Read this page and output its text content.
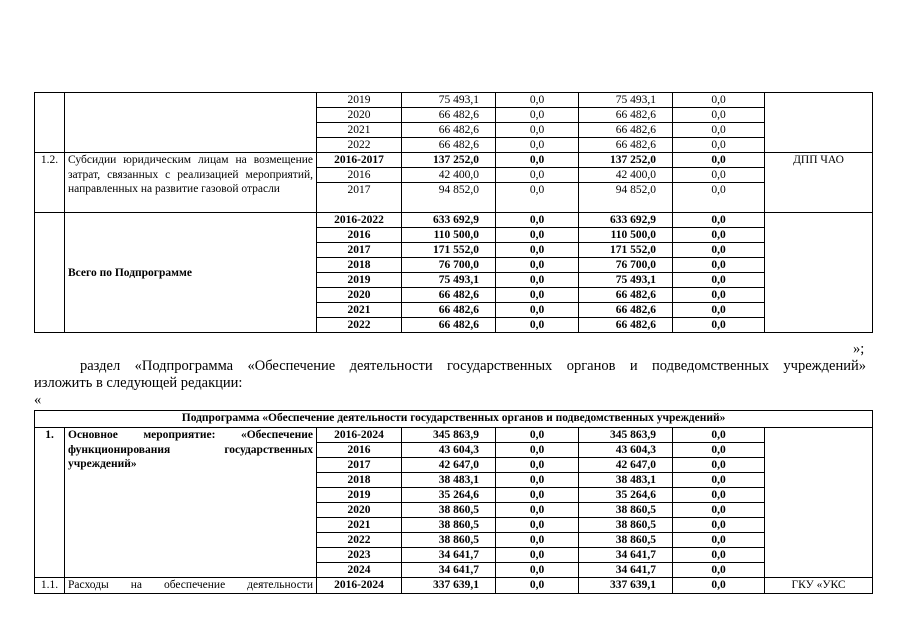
		2019	75 493,1	0,0	75 493,1	0,0	
		2020	66 482,6	0,0	66 482,6	0,0	
		2021	66 482,6	0,0	66 482,6	0,0	
		2022	66 482,6	0,0	66 482,6	0,0	
1.2.	Субсидии юридическим лицам на возмещение затрат, связанных с реализацией мероприятий, направленных на развитие газовой отрасли	2016-2017	137 252,0	0,0	137 252,0	0,0	ДПП ЧАО
		2016	42 400,0	0,0	42 400,0	0,0	
		2017	94 852,0	0,0	94 852,0	0,0	
	Всего по Подпрограмме	2016-2022	633 692,9	0,0	633 692,9	0,0	
		2016	110 500,0	0,0	110 500,0	0,0	
		2017	171 552,0	0,0	171 552,0	0,0	
		2018	76 700,0	0,0	76 700,0	0,0	
		2019	75 493,1	0,0	75 493,1	0,0	
		2020	66 482,6	0,0	66 482,6	0,0	
		2021	66 482,6	0,0	66 482,6	0,0	
		2022	66 482,6	0,0	66 482,6	0,0	
»;
раздел «Подпрограмма «Обеспечение деятельности государственных органов и подведомственных учреждений»
изложить в следующей редакции:
«
Подпрограмма «Обеспечение деятельности государственных органов и подведомственных учреждений»							
1.	Основное мероприятие: «Обеспечение функционирования государственных учреждений»	2016-2024	345 863,9	0,0	345 863,9	0,0	
		2016	43 604,3	0,0	43 604,3	0,0	
		2017	42 647,0	0,0	42 647,0	0,0	
		2018	38 483,1	0,0	38 483,1	0,0	
		2019	35 264,6	0,0	35 264,6	0,0	
		2020	38 860,5	0,0	38 860,5	0,0	
		2021	38 860,5	0,0	38 860,5	0,0	
		2022	38 860,5	0,0	38 860,5	0,0	
		2023	34 641,7	0,0	34 641,7	0,0	
		2024	34 641,7	0,0	34 641,7	0,0	
1.1.	Расходы на обеспечение деятельности	2016-2024	337 639,1	0,0	337 639,1	0,0	ГКУ «УКС
